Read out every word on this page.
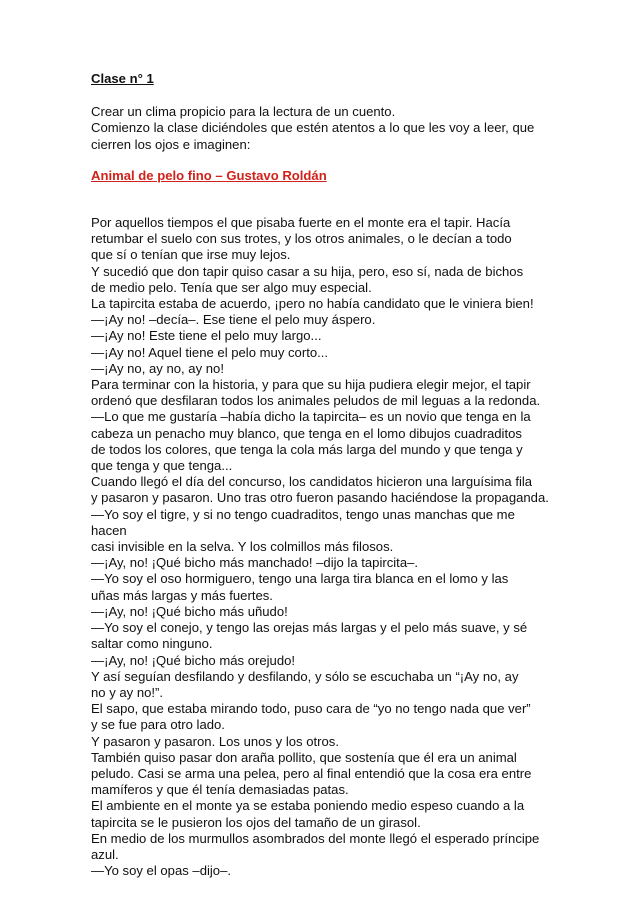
Clase n° 1

Crear un clima propicio para la lectura de un cuento.

Comienzo la clase diciéndoles que estén atentos a lo que les voy a leer, que

cierren los ojos e imaginen:

Animal de pelo fino – Gustavo Roldán

Por aquellos tiempos el que pisaba fuerte en el monte era el tapir. Hacía

retumbar el suelo con sus trotes, y los otros animales, o le decían a todo

que sí o tenían que irse muy lejos.

Y sucedió que don tapir quiso casar a su hija, pero, eso sí, nada de bichos

de medio pelo. Tenía que ser algo muy especial.

La tapircita estaba de acuerdo, ¡pero no había candidato que le viniera bien!

—¡Ay no! –decía–. Ese tiene el pelo muy áspero.

—¡Ay no! Este tiene el pelo muy largo...

—¡Ay no! Aquel tiene el pelo muy corto...

—¡Ay no, ay no, ay no!

Para terminar con la historia, y para que su hija pudiera elegir mejor, el tapir

ordenó que desfilaran todos los animales peludos de mil leguas a la redonda.

—Lo que me gustaría –había dicho la tapircita– es un novio que tenga en la

cabeza un penacho muy blanco, que tenga en el lomo dibujos cuadraditos

de todos los colores, que tenga la cola más larga del mundo y que tenga y

que tenga y que tenga...

Cuando llegó el día del concurso, los candidatos hicieron una larguísima fila

y pasaron y pasaron. Uno tras otro fueron pasando haciéndose la propaganda.

—Yo soy el tigre, y si no tengo cuadraditos, tengo unas manchas que me

hacen

casi invisible en la selva. Y los colmillos más filosos.

—¡Ay, no! ¡Qué bicho más manchado! –dijo la tapircita–.

—Yo soy el oso hormiguero, tengo una larga tira blanca en el lomo y las

uñas más largas y más fuertes.

—¡Ay, no! ¡Qué bicho más uñudo!

—Yo soy el conejo, y tengo las orejas más largas y el pelo más suave, y sé

saltar como ninguno.

—¡Ay, no! ¡Qué bicho más orejudo!

Y así seguían desfilando y desfilando, y sólo se escuchaba un “¡Ay no, ay

no y ay no!”.

El sapo, que estaba mirando todo, puso cara de “yo no tengo nada que ver”

y se fue para otro lado.

Y pasaron y pasaron. Los unos y los otros.

También quiso pasar don araña pollito, que sostenía que él era un animal

peludo. Casi se arma una pelea, pero al final entendió que la cosa era entre

mamíferos y que él tenía demasiadas patas.

El ambiente en el monte ya se estaba poniendo medio espeso cuando a la

tapircita se le pusieron los ojos del tamaño de un girasol.

En medio de los murmullos asombrados del monte llegó el esperado príncipe

azul.

—Yo soy el opas –dijo–.
